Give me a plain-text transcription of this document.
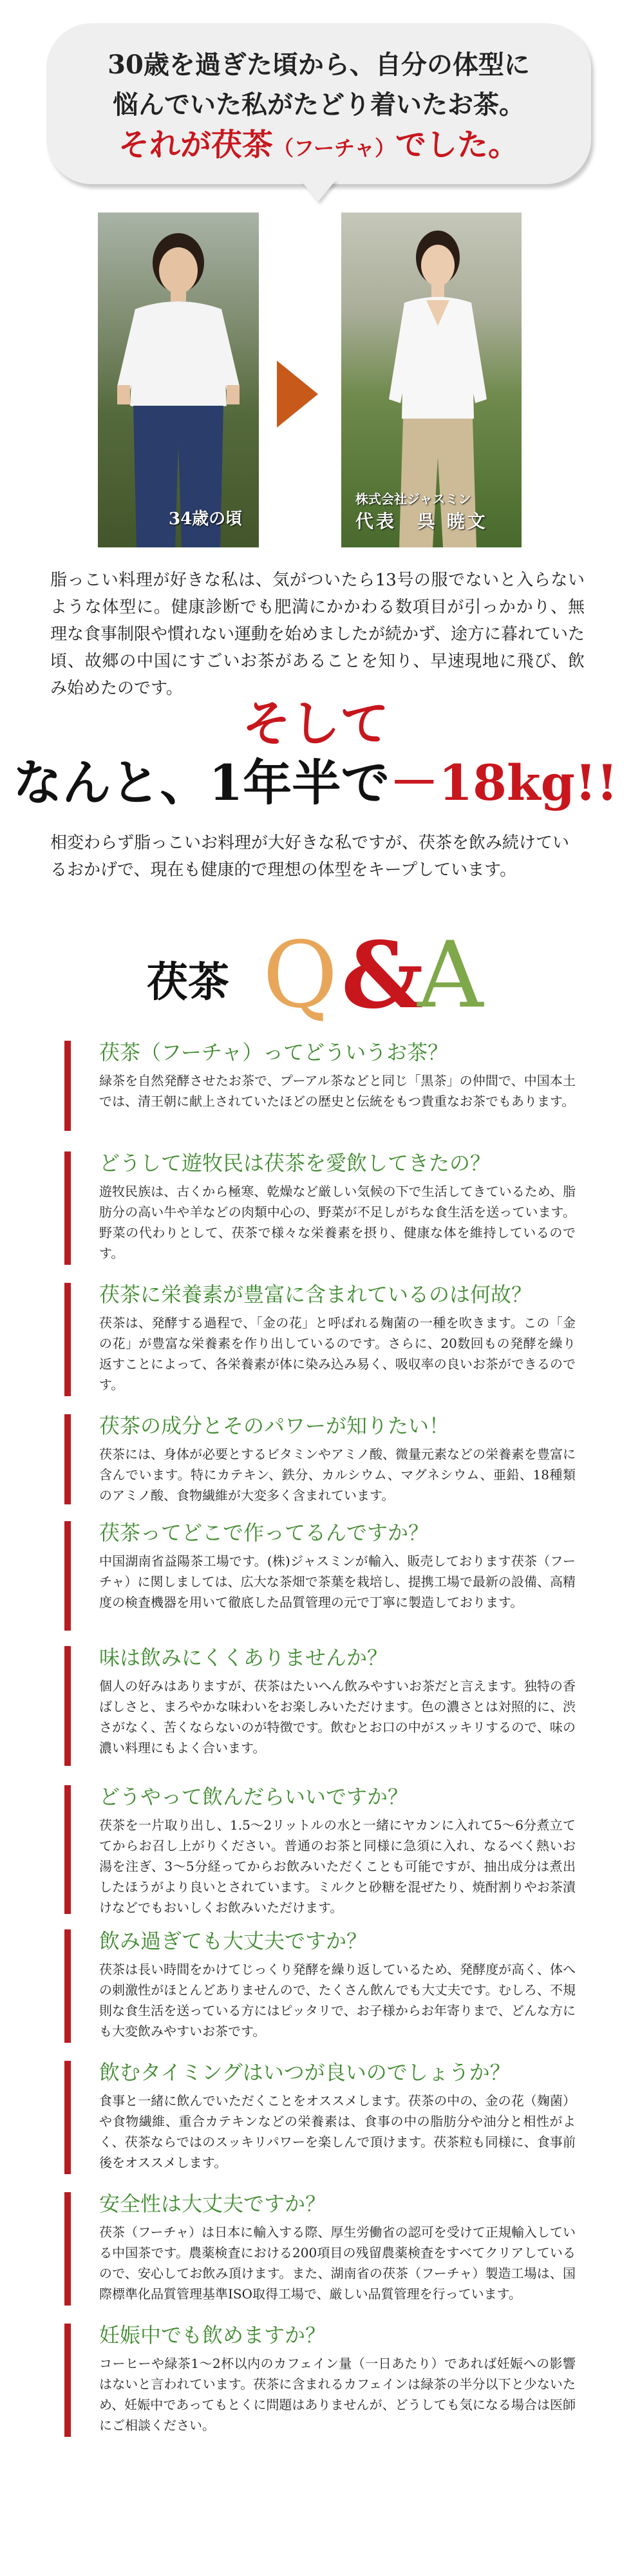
30歳を過ぎた頃から、自分の体型に
悩んでいた私がたどり着いたお茶。
それが茯茶（フーチャ）でした。
34歳の頃
株式会社ジャスミン
代表　呉 暁文
脂っこい料理が好きな私は、気がついたら13号の服でないと入らないような体型に。健康診断でも肥満にかかわる数項目が引っかかり、無理な食事制限や慣れない運動を始めましたが続かず、途方に暮れていた頃、故郷の中国にすごいお茶があることを知り、早速現地に飛び、飲み始めたのです。
そして
なんと、1年半で－18kg!!
相変わらず脂っこいお料理が大好きな私ですが、茯茶を飲み続けているおかげで、現在も健康的で理想の体型をキープしています。
茯茶 Q &
A
茯茶（フーチャ）ってどういうお茶？
緑茶を自然発酵させたお茶で、プーアル茶などと同じ「黒茶」の仲間で、中国本土では、清王朝に献上されていたほどの歴史と伝統をもつ貴重なお茶でもあります。
どうして遊牧民は茯茶を愛飲してきたの？
遊牧民族は、古くから極寒、乾燥など厳しい気候の下で生活してきているため、脂肪分の高い牛や羊などの肉類中心の、野菜が不足しがちな食生活を送っています。野菜の代わりとして、茯茶で様々な栄養素を摂り、健康な体を維持しているのです。
茯茶に栄養素が豊富に含まれているのは何故？
茯茶は、発酵する過程で、「金の花」と呼ばれる麹菌の一種を吹きます。この「金の花」が豊富な栄養素を作り出しているのです。さらに、20数回もの発酵を繰り返すことによって、各栄養素が体に染み込み易く、吸収率の良いお茶ができるのです。
茯茶の成分とそのパワーが知りたい！
茯茶には、身体が必要とするビタミンやアミノ酸、微量元素などの栄養素を豊富に含んでいます。特にカテキン、鉄分、カルシウム、マグネシウム、亜鉛、18種類のアミノ酸、食物繊維が大変多く含まれています。
茯茶ってどこで作ってるんですか？
中国湖南省益陽茶工場です。(株)ジャスミンが輸入、販売しております茯茶（フーチャ）に関しましては、広大な茶畑で茶葉を栽培し、提携工場で最新の設備、高精度の検査機器を用いて徹底した品質管理の元で丁寧に製造しております。
味は飲みにくくありませんか？
個人の好みはありますが、茯茶はたいへん飲みやすいお茶だと言えます。独特の香ばしさと、まろやかな味わいをお楽しみいただけます。色の濃さとは対照的に、渋さがなく、苦くならないのが特徴です。飲むとお口の中がスッキリするので、味の濃い料理にもよく合います。
どうやって飲んだらいいですか？
茯茶を一片取り出し、1.5～2リットルの水と一緒にヤカンに入れて5～6分煮立ててからお召し上がりください。普通のお茶と同様に急須に入れ、なるべく熱いお湯を注ぎ、3～5分経ってからお飲みいただくことも可能ですが、抽出成分は煮出したほうがより良いとされています。ミルクと砂糖を混ぜたり、焼酎割りやお茶漬けなどでもおいしくお飲みいただけます。
飲み過ぎても大丈夫ですか？
茯茶は長い時間をかけてじっくり発酵を繰り返しているため、発酵度が高く、体への刺激性がほとんどありませんので、たくさん飲んでも大丈夫です。むしろ、不規則な食生活を送っている方にはピッタリで、お子様からお年寄りまで、どんな方にも大変飲みやすいお茶です。
飲むタイミングはいつが良いのでしょうか？
食事と一緒に飲んでいただくことをオススメします。茯茶の中の、金の花（麹菌）や食物繊維、重合カテキンなどの栄養素は、食事の中の脂肪分や油分と相性がよく、茯茶ならではのスッキリパワーを楽しんで頂けます。茯茶粒も同様に、食事前後をオススメします。
安全性は大丈夫ですか？
茯茶（フーチャ）は日本に輸入する際、厚生労働省の認可を受けて正規輸入している中国茶です。農薬検査における200項目の残留農薬検査をすべてクリアしているので、安心してお飲み頂けます。また、湖南省の茯茶（フーチャ）製造工場は、国際標準化品質管理基準ISO取得工場で、厳しい品質管理を行っています。
妊娠中でも飲めますか？
コーヒーや緑茶1～2杯以内のカフェイン量（一日あたり）であれば妊娠への影響はないと言われています。茯茶に含まれるカフェインは緑茶の半分以下と少ないため、妊娠中であってもとくに問題はありませんが、どうしても気になる場合は医師にご相談ください。
